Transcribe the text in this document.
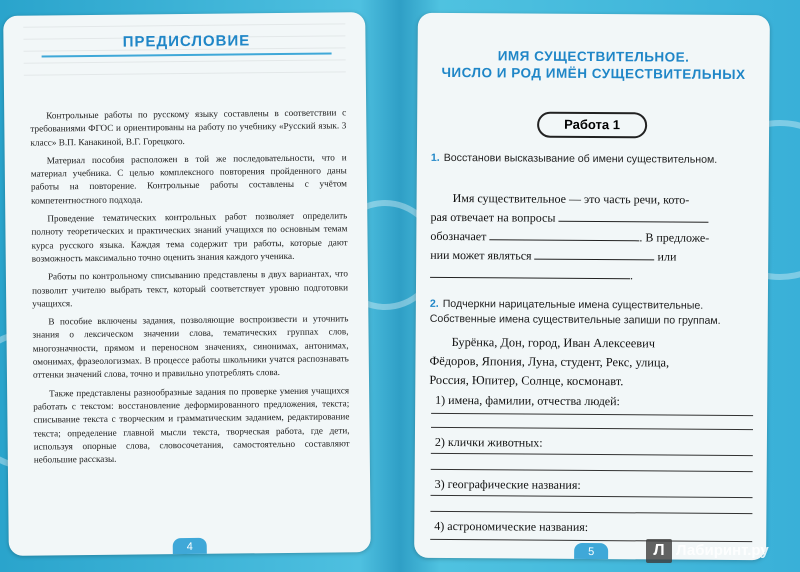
ПРЕДИСЛОВИЕ

Контрольные работы по русскому языку составлены в соответствии с требованиями ФГОС и ориентированы на работу по учебнику «Русский язык. 3 класс» В.П. Канакиной, В.Г. Горецкого.

Материал пособия расположен в той же последовательности, что и материал учебника. С целью комплексного повторения пройденного даны работы на повторение. Контрольные работы составлены с учётом компетентностного подхода.

Проведение тематических контрольных работ позволяет определить полноту теоретических и практических знаний учащихся по основным темам курса русского языка. Каждая тема содержит три работы, которые дают возможность максимально точно оценить знания каждого ученика.

Работы по контрольному списыванию представлены в двух вариантах, что позволит учителю выбрать текст, который соответствует уровню подготовки учащихся.

В пособие включены задания, позволяющие воспроизвести и уточнить знания о лексическом значении слова, тематических группах слов, многозначности, прямом и переносном значениях, синонимах, антонимах, омонимах, фразеологизмах. В процессе работы школьники учатся распознавать оттенки значений слова, точно и правильно употреблять слова.

Также представлены разнообразные задания по проверке умения учащихся работать с текстом: восстановление деформированного предложения, текста; списывание текста с творческим и грамматическим заданием, редактирование текста; определение главной мысли текста, творческая работа, где дети, используя опорные слова, словосочетания, самостоятельно составляют небольшие рассказы.

4
ИМЯ СУЩЕСТВИТЕЛЬНОЕ.
ЧИСЛО И РОД ИМЁН СУЩЕСТВИТЕЛЬНЫХ
Работа 1
1. Восстанови высказывание об имени существительном.
Имя существительное — это часть речи, кото-
рая отвечает на вопросы
обозначает	. В предложе-
нии может являться	или
.
2. Подчеркни нарицательные имена существительные.
Собственные имена существительные запиши по группам.
Бурёнка, Дон, город, Иван Алексеевич
Фёдоров, Япония, Луна, студент, Рекс, улица,
Россия, Юпитер, Солнце, космонавт.
1) имена, фамилии, отчества людей:
2) клички животных:
3) географические названия:
4) астрономические названия:
5	Л Лабиринт.ру
